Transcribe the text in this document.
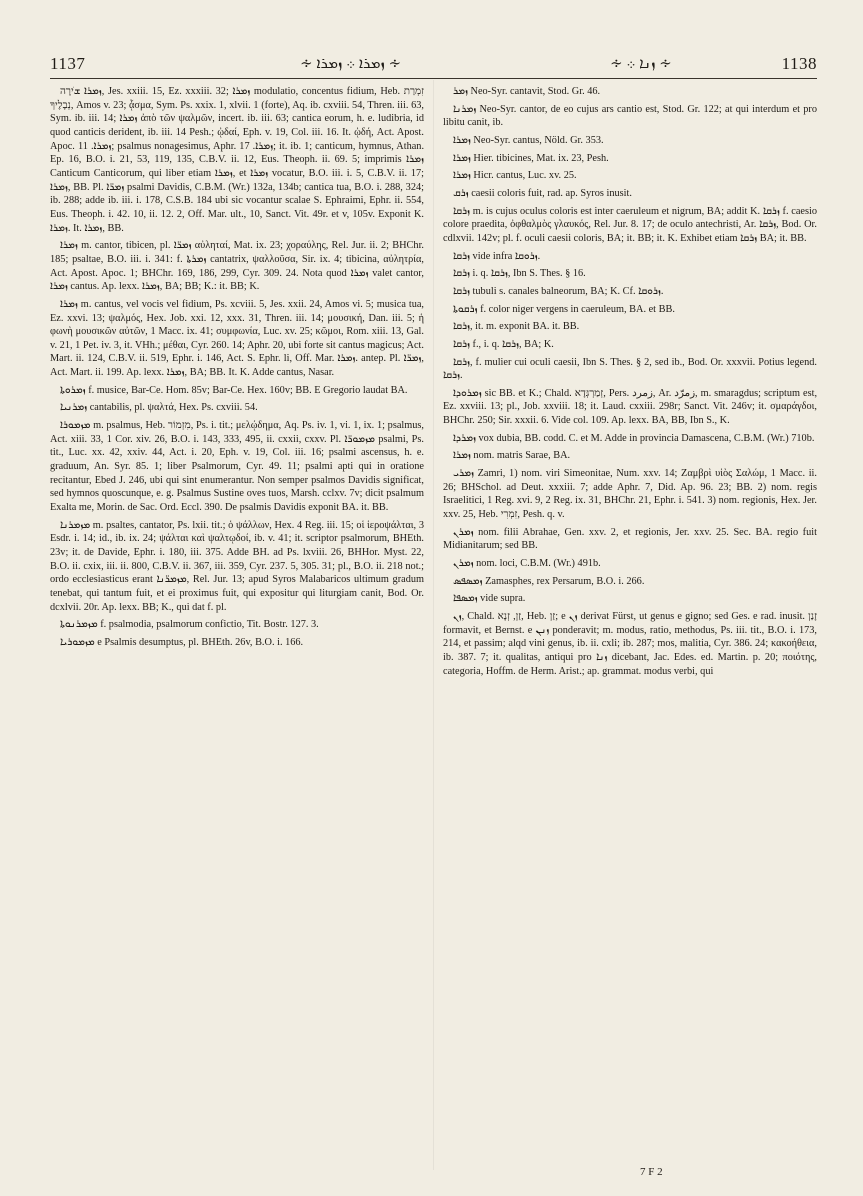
1137	∻ ܙܡܪܐ ܀ ܙܡܪܐ ∻	∻ ܙܢܐ ܀ ∻	1138

ܙܡܪܐ ܫׁירָה, Jes. xxiii. 15, Ez. xxxiii. 32; ܙܡܪܐ modulatio, concentus fidium, Heb. זִמְרַת נְבָלֶיךָ, Amos v. 23; ᾆσμα, Sym. Ps. xxix. 1, xlvii. 1 (forte), Aq. ib. cxviii. 54, Thren. iii. 63, Sym. ib. iii. 14; ܙܡܪܐ ἀπὸ τῶν ψαλμῶν, incert. ib. iii. 63; cantica eorum, h. e. ludibria, id quod canticis derident, ib. iii. 14 Pesh.; ᾠδαί, Eph. v. 19, Col. iii. 16. It. ᾠδή, Act. Apost. Apoc. ܙܡܪܐ. 11; psalmus nonagesimus, Aphr. ܙܡܪܐ. 17; it. ib. 1; canticum, hymnus, Athan. Ep. 16, B.O. i. 21, 53, 119, 135, C.B.V. ii. 12, Eus. Theoph. ii. 69. 5; imprimis ܙܡܪܐ Canticum Canticorum, qui liber etiam ܙܡܪܐ, et ܙܡܪܐ vocatur, B.O. iii. i. 5, C.B.V. ii. 17; ܙܡܪܐ, BB. Pl. ܙܡܪ̈ܐ psalmi Davidis, C.B.M. (Wr.) 132a, 134b; cantica tua, B.O. i. 288, 324; ib. 288; adde ib. iii. i. 178, C.S.B. 184 ubi sic vocantur scalae S. Ephraimi, Ephr. ii. 554, Eus. Theoph. i. 42. 10, ii. 12. 2, Off. Mar. ult., 10, Sanct. Vit. 49r. et v, 105v. Exponit K. ܙܡܪܐ. It. ܙܡܪܐ, BB.

ܙܡܪܐ m. cantor, tibicen, pl. ܙܡܪ̈ܐ αὐληταί, Mat. ix. 23; χοραύλης, Rel. Jur. ii. 2; BHChr. 185; psaltae, B.O. iii. i. 341: f. ܙܡܪܬܐ cantatrix, ψαλλοῦσα, Sir. ix. 4; tibicina, αὐλητρία, Act. Apost. Apoc. 1; BHChr. 169, 186, 299, Cyr. 309. 24. Nota quod ܙܡܪܐ valet cantor, ܙܡܪܐ cantus. Ap. lexx. ܙܡܪܐ, BA; BB; K.: it. BB; K.

ܙܡܪܐ m. cantus, vel vocis vel fidium, Ps. xcviii. 5, Jes. xxii. 24, Amos vi. 5; musica tua, Ez. xxvi. 13; ψαλμός, Hex. Job. xxi. 12, xxx. 31, Thren. iii. 14; μουσική, Dan. iii. 5; ἡ φωνὴ μουσικῶν αὐτῶν, 1 Macc. ix. 41; συμφωνία, Luc. xv. 25; κῶμοι, Rom. xiii. 13, Gal. v. 21, 1 Pet. iv. 3, it. VHh.; μέθαι, Cyr. 260. 14; Aphr. 20, ubi forte sit cantus magicus; Act. Mart. ii. 124, C.B.V. ii. 519, Ephr. i. 146, Act. S. Ephr. li, Off. Mar. ܙܡܪܐ. antep. Pl. ܙܡܪ̈ܐ, Act. Mart. ii. 199. Ap. lexx. ܙܡܪܐ, BA; BB. It. K. Adde cantus, Nasar.

ܙܡܪܘܬܐ f. musice, Bar-Ce. Hom. 85v; Bar-Ce. Hex. 160v; BB. E Gregorio laudat BA.

ܙܡܪܢܝܐ cantabilis, pl. ψαλτά, Hex. Ps. cxviii. 54.

ܡܙܡܘܪܐ m. psalmus, Heb. מִזְמוֹר, Ps. i. tit.; μελῴδημα, Aq. Ps. iv. 1, vi. 1, ix. 1; psalmus, Act. xiii. 33, 1 Cor. xiv. 26, B.O. i. 143, 333, 495, ii. cxxii, cxxv. Pl. ܡܙܡܘܪ̈ܐ psalmi, Ps. tit., Luc. xx. 42, xxiv. 44, Act. i. 20, Eph. v. 19, Col. iii. 16; psalmi ascensus, h. e. graduum, An. Syr. 85. 1; liber Psalmorum, Cyr. 49. 11; psalmi apti qui in oratione recitantur, Ebed J. 246, ubi qui sint enumerantur. Non semper psalmos Davidis significat, sed hymnos quoscunque, e. g. Psalmus Sustine oves tuos, Marsh. cclxv. 7v; dicit psalmum Exalta me, Morin. de Sac. Ord. Eccl. 390. De psalmis Davidis exponit BA. it. BB.

ܡܙܡܪܢܐ m. psaltes, cantator, Ps. lxii. tit.; ὁ ψάλλων, Hex. 4 Reg. iii. 15; οἱ ἱεροψάλται, 3 Esdr. i. 14; id., ib. ix. 24; ψάλται καὶ ψαλτῳδοί, ib. v. 41; it. scriptor psalmorum, BHEth. 23v; it. de Davide, Ephr. i. 180, iii. 375. Adde BH. ad Ps. lxviii. 26, BHHor. Myst. 22, B.O. ii. cxix, iii. ii. 800, C.B.V. ii. 367, iii. 359, Cyr. 237. 5, 305. 31; pl., B.O. ii. 218 not.; ordo ecclesiasticus erant ܡܙܡܪ̈ܢܐ, Rel. Jur. 13; apud Syros Malabaricos ultimum gradum tenebat, qui tantum fuit, et ei proximus fuit, qui expositur qui liturgiam canit, Bod. Or. dcxlvii. 20r. Ap. lexx. BB; K., qui dat f. pl.

ܡܙܡܪܢܘܬܐ f. psalmodia, psalmorum confictio, Tit. Bostr. 127. 3.

ܡܙܡܘܪܝܐ e Psalmis desumptus, pl. BHEth. 26v, B.O. i. 166.

ܙܡܪ Neo-Syr. cantavit, Stod. Gr. 46.

ܙܡܪܢܐ Neo-Syr. cantor, de eo cujus ars cantio est, Stod. Gr. 122; at qui interdum et pro libitu canit, ib.

ܙܡܪܐ Neo-Syr. cantus, Nöld. Gr. 353.

ܙܡܪܐ Hier. tibicines, Mat. ix. 23, Pesh.

ܙܡܪܐ Hicr. cantus, Luc. xv. 25.

ܙܪܩ caesii coloris fuit, rad. ap. Syros inusit.

ܙܪܩܐ m. is cujus oculus coloris est inter caeruleum et nigrum, BA; addit K. ܙܪܩܐ f. caesio colore praedita, ὀφθαλμὸς γλαυκός, Rel. Jur. 8. 17; de oculo antechristi, Ar. ܙܪܩܐ, Bod. Or. cdlxvii. 142v; pl. f. oculi caesii coloris, BA; it. BB; it. K. Exhibet etiam ܙܪܩܐ BA; it. BB.

ܙܪܩܐ vide infra ܙܪܘܩܐ.

ܙܪܩܐ i. q. ܙܪܩܐ, Ibn S. Thes. § 16.

ܙܪܩܐ tubuli s. canales balneorum, BA; K. Cf. ܙܪܘܩܐ.

ܙܪܩܘܬܐ f. color niger vergens in caeruleum, BA. et BB.

ܙܪܩܐ, it. m. exponit BA. it. BB.

ܙܪܩܐ f., i. q. ܙܪܩܐ, BA; K.

ܙܪܩܐ, f. mulier cui oculi caesii, Ibn S. Thes. § 2, sed ib., Bod. Or. xxxvii. Potius legend. ܙܪܩܐ.

ܙܡܪܘܕܐ sic BB. et K.; Chald. זְמַרְגְּדָא, Pers. زمرد, Ar. زمرّد, m. smaragdus; scriptum est, Ez. xxviii. 13; pl., Job. xxviii. 18; it. Laud. cxxiii. 298r; Sanct. Vit. 246v; it. σμαράγδοι, BHChr. 250; Sir. xxxii. 6. Vide col. 109. Ap. lexx. BA, BB, Ibn S., K.

ܙܡܪܕܐ vox dubia, BB. codd. C. et M. Adde in provincia Damascena, C.B.M. (Wr.) 710b.

ܙܡܪܐ nom. matris Sarae, BA.

ܙܡܪܝ Zamri, 1) nom. viri Simeonitae, Num. xxv. 14; Ζαμβρὶ υἱὸς Σαλώμ, 1 Macc. ii. 26; BHSchol. ad Deut. xxxiii. 7; adde Aphr. 7, Did. Ap. 96. 23; BB. 2) nom. regis Israelitici, 1 Reg. xvi. 9, 2 Reg. ix. 31, BHChr. 21, Ephr. i. 541. 3) nom. regionis, Hex. Jer. xxv. 25, Heb. זִמְרִי, Pesh. q. v.

ܙܡܪܢ nom. filii Abrahae, Gen. xxv. 2, et regionis, Jer. xxv. 25. Sec. BA. regio fuit Midianitarum; sed BB.

ܙܡܪܢ nom. loci, C.B.M. (Wr.) 491b.

ܙܡܣܦܣ Zamasphes, rex Persarum, B.O. i. 266.

ܙܡܣܦܐ vide supra.

ܙܢ, Chald. זַן, זְנָא, Heb. זַן; e ܙܢ derivat Fürst, ut genus e gigno; sed Ges. e rad. inusit. זָנַן formavit, et Bernst. e ܙܢܢ ponderavit; m. modus, ratio, methodus, Ps. iii. tit., B.O. i. 173, 214, et passim; alqd vini genus, ib. ii. cxli; ib. 287; mos, malitia, Cyr. 386. 24; κακοήθεια, ib. 387. 7; it. qualitas, antiqui pro ܙܢܐ dicebant, Jac. Edes. ed. Martin. p. 20; ποιότης, categoria, Hoffm. de Herm. Arist.; ap. grammat. modus verbi, qui

7 F 2
